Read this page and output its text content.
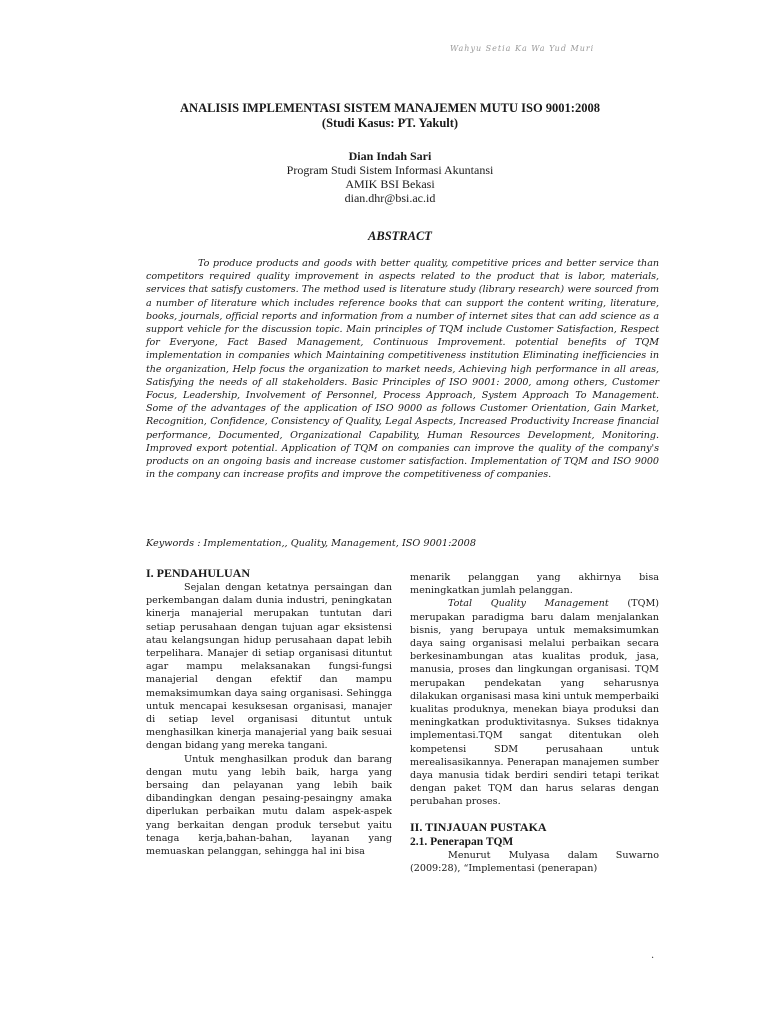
Wahyu Setia Ka Wa Yud Muri
ANALISIS IMPLEMENTASI SISTEM MANAJEMEN MUTU ISO 9001:2008
(Studi Kasus: PT. Yakult)
Dian Indah Sari
Program Studi Sistem Informasi Akuntansi
AMIK BSI Bekasi
dian.dhr@bsi.ac.id
ABSTRACT
To produce products and goods with better quality, competitive prices and better service than competitors required quality improvement in aspects related to the product that is labor, materials, services that satisfy customers. The method used is literature study (library research) were sourced from a number of literature which includes reference books that can support the content writing, literature, books, journals, official reports and information from a number of internet sites that can add science as a support vehicle for the discussion topic. Main principles of TQM include Customer Satisfaction, Respect for Everyone, Fact Based Management, Continuous Improvement. potential benefits of TQM implementation in companies which Maintaining competitiveness institution Eliminating inefficiencies in the organization, Help focus the organization to market needs, Achieving high performance in all areas, Satisfying the needs of all stakeholders. Basic Principles of ISO 9001: 2000, among others, Customer Focus, Leadership, Involvement of Personnel, Process Approach, System Approach To Management. Some of the advantages of the application of ISO 9000 as follows Customer Orientation, Gain Market, Recognition, Confidence, Consistency of Quality, Legal Aspects, Increased Productivity Increase financial performance, Documented, Organizational Capability, Human Resources Development, Monitoring. Improved export potential. Application of TQM on companies can improve the quality of the company's products on an ongoing basis and increase customer satisfaction. Implementation of TQM and ISO 9000 in the company can increase profits and improve the competitiveness of companies.
Keywords : Implementation,, Quality, Management, ISO 9001:2008
I. PENDAHULUAN

Sejalan dengan ketatnya persaingan dan perkembangan dalam dunia industri, peningkatan kinerja manajerial merupakan tuntutan dari setiap perusahaan dengan tujuan agar eksistensi atau kelangsungan hidup perusahaan dapat lebih terpelihara. Manajer di setiap organisasi dituntut agar mampu melaksanakan fungsi-fungsi manajerial dengan efektif dan mampu memaksimumkan daya saing organisasi. Sehingga untuk mencapai kesuksesan organisasi, manajer di setiap level organisasi dituntut untuk menghasilkan kinerja manajerial yang baik sesuai dengan bidang yang mereka tangani.

Untuk menghasilkan produk dan barang dengan mutu yang lebih baik, harga yang bersaing dan pelayanan yang lebih baik dibandingkan dengan pesaing-pesaingny amaka diperlukan perbaikan mutu dalam aspek-aspek yang berkaitan dengan produk tersebut yaitu tenaga kerja,bahan-bahan, layanan yang memuaskan pelanggan, sehingga hal ini bisa

menarik pelanggan yang akhirnya bisa meningkatkan jumlah pelanggan.

Total Quality Management (TQM) merupakan paradigma baru dalam menjalankan bisnis, yang berupaya untuk memaksimumkan daya saing organisasi melalui perbaikan secara berkesinambungan atas kualitas produk, jasa, manusia, proses dan lingkungan organisasi. TQM merupakan pendekatan yang seharusnya dilakukan organisasi masa kini untuk memperbaiki kualitas produknya, menekan biaya produksi dan meningkatkan produktivitasnya. Sukses tidaknya implementasi.TQM sangat ditentukan oleh kompetensi SDM perusahaan untuk merealisasikannya. Penerapan manajemen sumber daya manusia tidak berdiri sendiri tetapi terikat dengan paket TQM dan harus selaras dengan perubahan proses.

II. TINJAUAN PUSTAKA
2.1. Penerapan TQM

Menurut Mulyasa dalam Suwarno (2009:28), “Implementasi (penerapan)

.
